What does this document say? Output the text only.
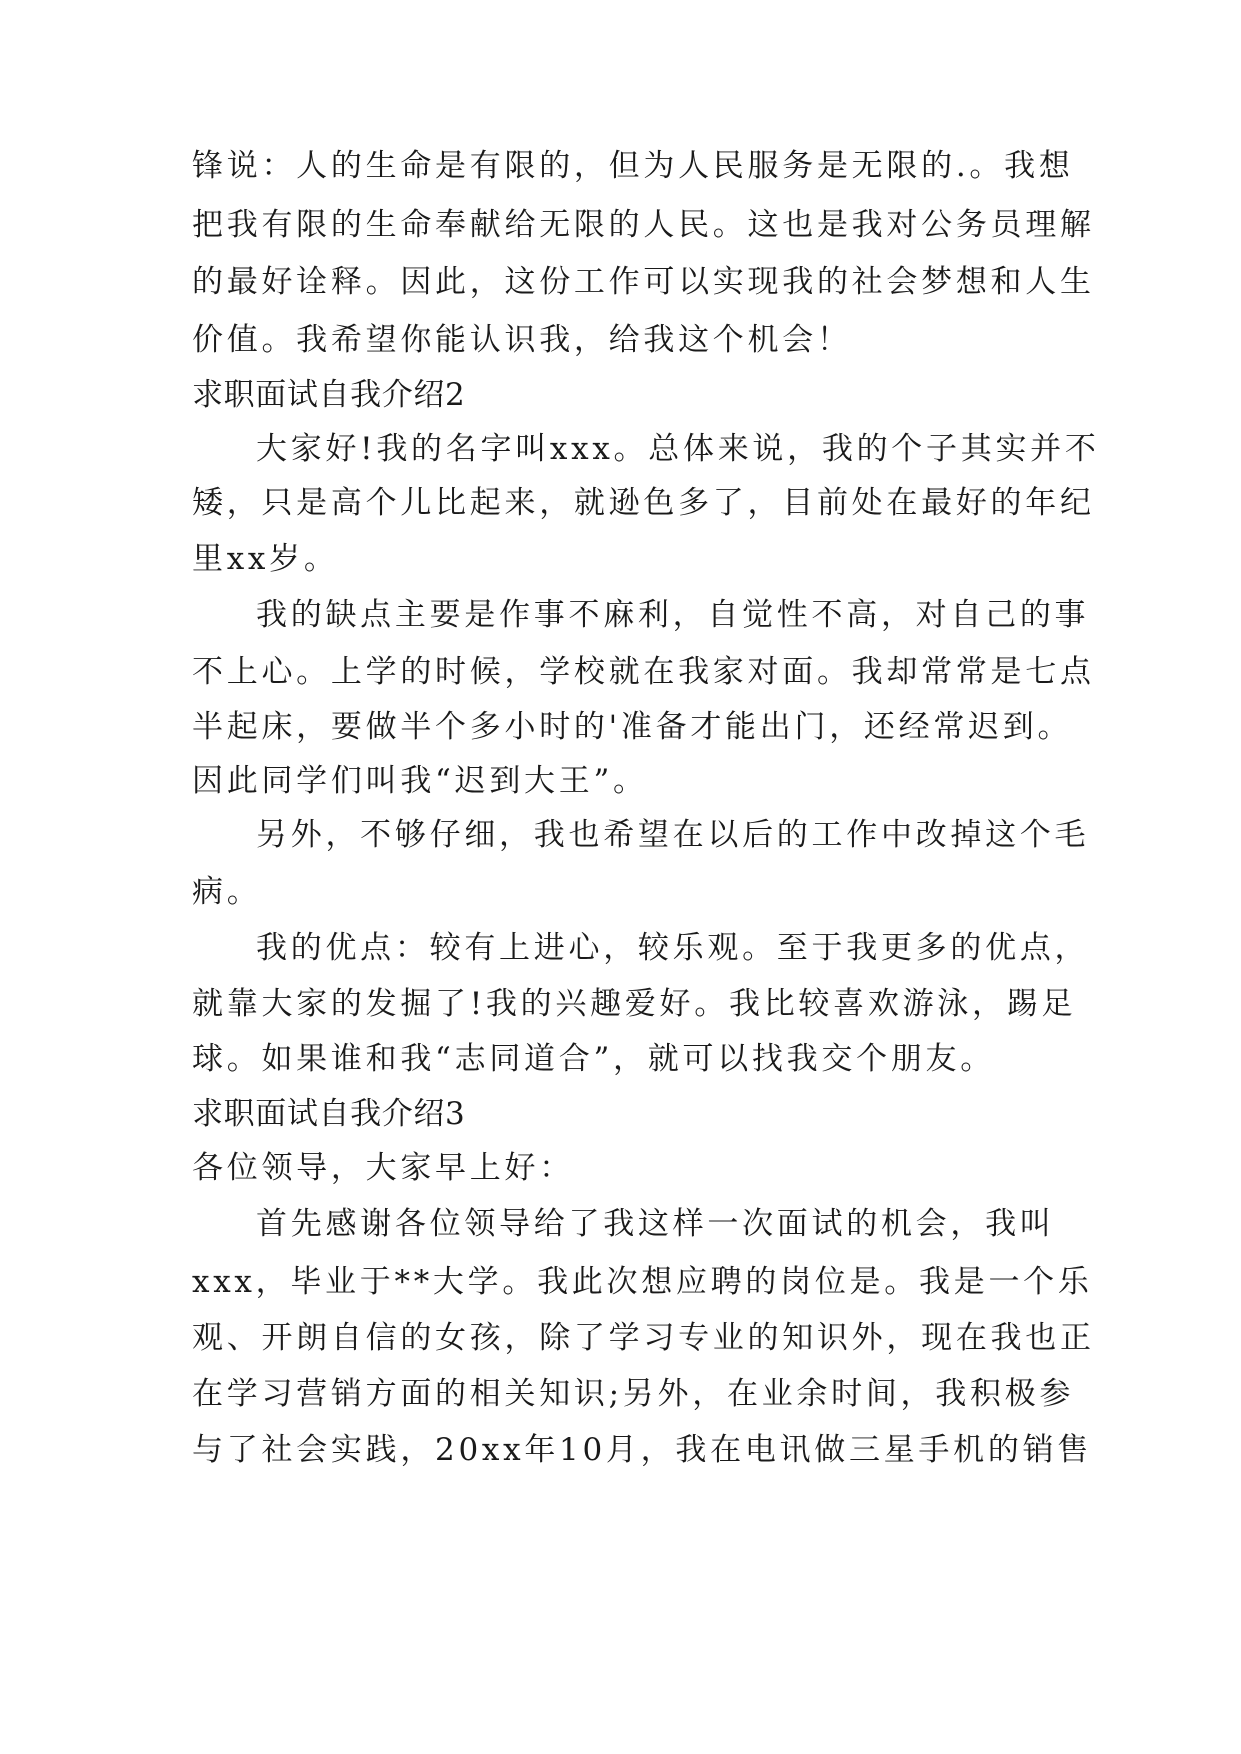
锋说：人的生命是有限的，但为人民服务是无限的.。我想
把我有限的生命奉献给无限的人民。这也是我对公务员理解
的最好诠释。因此，这份工作可以实现我的社会梦想和人生
价值。我希望你能认识我，给我这个机会！
求职面试自我介绍2
大家好!我的名字叫xxx。总体来说，我的个子其实并不
矮，只是高个儿比起来，就逊色多了，目前处在最好的年纪
里xx岁。
我的缺点主要是作事不麻利，自觉性不高，对自己的事
不上心。上学的时候，学校就在我家对面。我却常常是七点
半起床，要做半个多小时的'准备才能出门，还经常迟到。
因此同学们叫我“迟到大王”。
另外，不够仔细，我也希望在以后的工作中改掉这个毛
病。
我的优点：较有上进心，较乐观。至于我更多的优点，
就靠大家的发掘了!我的兴趣爱好。我比较喜欢游泳，踢足
球。如果谁和我“志同道合”，就可以找我交个朋友。
求职面试自我介绍3
各位领导，大家早上好：
首先感谢各位领导给了我这样一次面试的机会，我叫
xxx，毕业于**大学。我此次想应聘的岗位是。我是一个乐
观、开朗自信的女孩，除了学习专业的知识外，现在我也正
在学习营销方面的相关知识;另外，在业余时间，我积极参
与了社会实践，20xx年10月，我在电讯做三星手机的销售
